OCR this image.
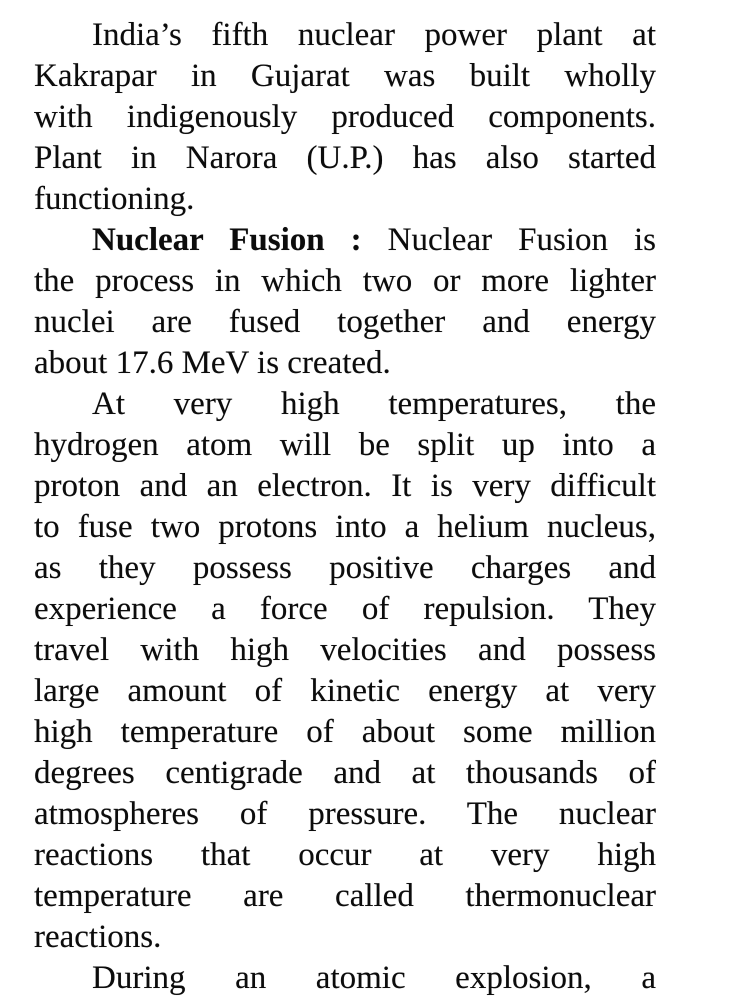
India’s fifth nuclear power plant at
Kakrapar in Gujarat was built wholly
with indigenously produced components.
Plant in Narora (U.P.) has also started
functioning.
Nuclear Fusion : Nuclear Fusion is
the process in which two or more lighter
nuclei are fused together and energy
about 17.6 MeV is created.
At very high temperatures, the
hydrogen atom will be split up into a
proton and an electron. It is very difficult
to fuse two protons into a helium nucleus,
as they possess positive charges and
experience a force of repulsion. They
travel with high velocities and possess
large amount of kinetic energy at very
high temperature of about some million
degrees centigrade and at thousands of
atmospheres of pressure. The nuclear
reactions that occur at very high
temperature are called thermonuclear
reactions.
During an atomic explosion, a
